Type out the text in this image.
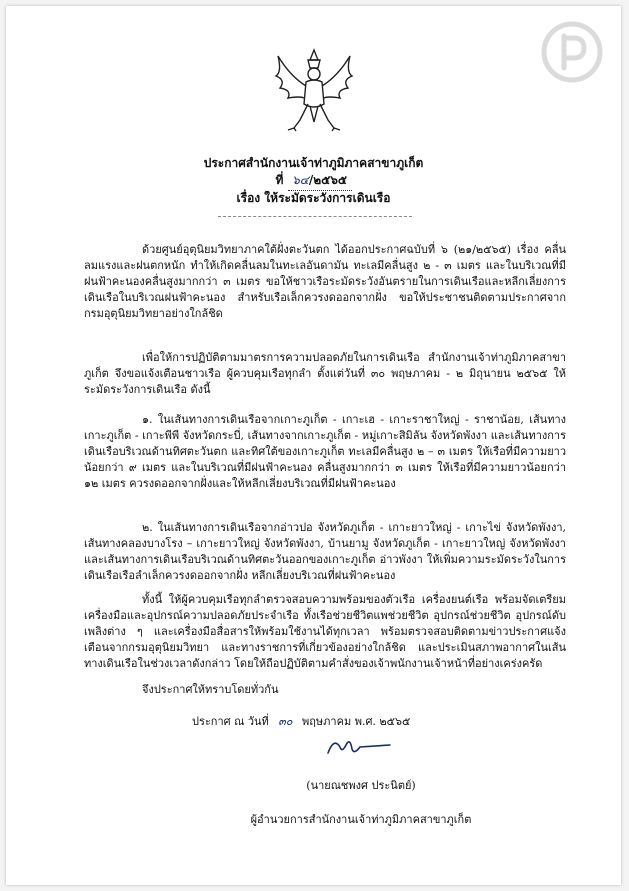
ประกาศสำนักงานเจ้าท่าภูมิภาคสาขาภูเก็ต
ที่ ๖๔/๒๕๖๕
เรื่อง ให้ระมัดระวังการเดินเรือ

ด้วยศูนย์อุตุนิยมวิทยาภาคใต้ฝั่งตะวันตก ได้ออกประกาศฉบับที่ ๖ (๒๑/๒๕๖๕) เรื่อง คลื่นลมแรงและฝนตกหนัก ทำให้เกิดคลื่นลมในทะเลอันดามัน ทะเลมีคลื่นสูง ๒ - ๓ เมตร และในบริเวณที่มีฝนฟ้าคะนองคลื่นสูงมากกว่า ๓ เมตร ขอให้ชาวเรือระมัดระวังอันตรายในการเดินเรือและหลีกเลี่ยงการเดินเรือในบริเวณฝนฟ้าคะนอง สำหรับเรือเล็กควรงดออกจากฝั่ง ขอให้ประชาชนติดตามประกาศจากกรมอุตุนิยมวิทยาอย่างใกล้ชิด

เพื่อให้การปฏิบัติตามมาตรการความปลอดภัยในการเดินเรือ สำนักงานเจ้าท่าภูมิภาคสาขาภูเก็ต จึงขอแจ้งเตือนชาวเรือ ผู้ควบคุมเรือทุกลำ ตั้งแต่วันที่ ๓๐ พฤษภาคม - ๒ มิถุนายน ๒๕๖๕ ให้ระมัดระวังการเดินเรือ ดังนี้

๑. ในเส้นทางการเดินเรือจากเกาะภูเก็ต - เกาะเฮ - เกาะราชาใหญ่ - ราชาน้อย, เส้นทางเกาะภูเก็ต - เกาะพีพี จังหวัดกระบี่, เส้นทางจากเกาะภูเก็ต - หมู่เกาะสิมิลัน จังหวัดพังงา และเส้นทางการเดินเรือบริเวณด้านทิศตะวันตก และทิศใต้ของเกาะภูเก็ต ทะเลมีคลื่นสูง ๒ – ๓ เมตร ให้เรือที่มีความยาวน้อยกว่า ๙ เมตร และในบริเวณที่มีฝนฟ้าคะนอง คลื่นสูงมากกว่า ๓ เมตร ให้เรือที่มีความยาวน้อยกว่า ๑๒ เมตร ควรงดออกจากฝั่งและให้หลีกเลี่ยงบริเวณที่มีฝนฟ้าคะนอง

๒. ในเส้นทางการเดินเรือจากอ่าวปอ จังหวัดภูเก็ต - เกาะยาวใหญ่ - เกาะไข่ จังหวัดพังงา, เส้นทางคลองบางโรง – เกาะยาวใหญ่ จังหวัดพังงา, บ้านยามู จังหวัดภูเก็ต - เกาะยาวใหญ่ จังหวัดพังงา และเส้นทางการเดินเรือบริเวณด้านทิศตะวันออกของเกาะภูเก็ต อ่าวพังงา ให้เพิ่มความระมัดระวังในการเดินเรือเรือลำเล็กควรงดออกจากฝั่ง หลีกเลี่ยงบริเวณที่ฝนฟ้าคะนอง

ทั้งนี้ ให้ผู้ควบคุมเรือทุกลำตรวจสอบความพร้อมของตัวเรือ เครื่องยนต์เรือ พร้อมจัดเตรียมเครื่องมือและอุปกรณ์ความปลอดภัยประจำเรือ ทั้งเรือช่วยชีวิตแพช่วยชีวิต อุปกรณ์ช่วยชีวิต อุปกรณ์ดับเพลิงต่าง ๆ และเครื่องมือสื่อสารให้พร้อมใช้งานได้ทุกเวลา พร้อมตรวจสอบติดตามข่าวประกาศแจ้งเตือนจากกรมอุตุนิยมวิทยา และทางราชการที่เกี่ยวข้องอย่างใกล้ชิด และประเมินสภาพอากาศในเส้นทางเดินเรือในช่วงเวลาดังกล่าว โดยให้ถือปฏิบัติตามคำสั่งของเจ้าพนักงานเจ้าหน้าที่อย่างเคร่งครัด

จึงประกาศให้ทราบโดยทั่วกัน

ประกาศ ณ วันที่ ๓๐ พฤษภาคม พ.ศ. ๒๕๖๕
(นายณชพงศ ประนิตย์)
ผู้อำนวยการสำนักงานเจ้าท่าภูมิภาคสาขาภูเก็ต
